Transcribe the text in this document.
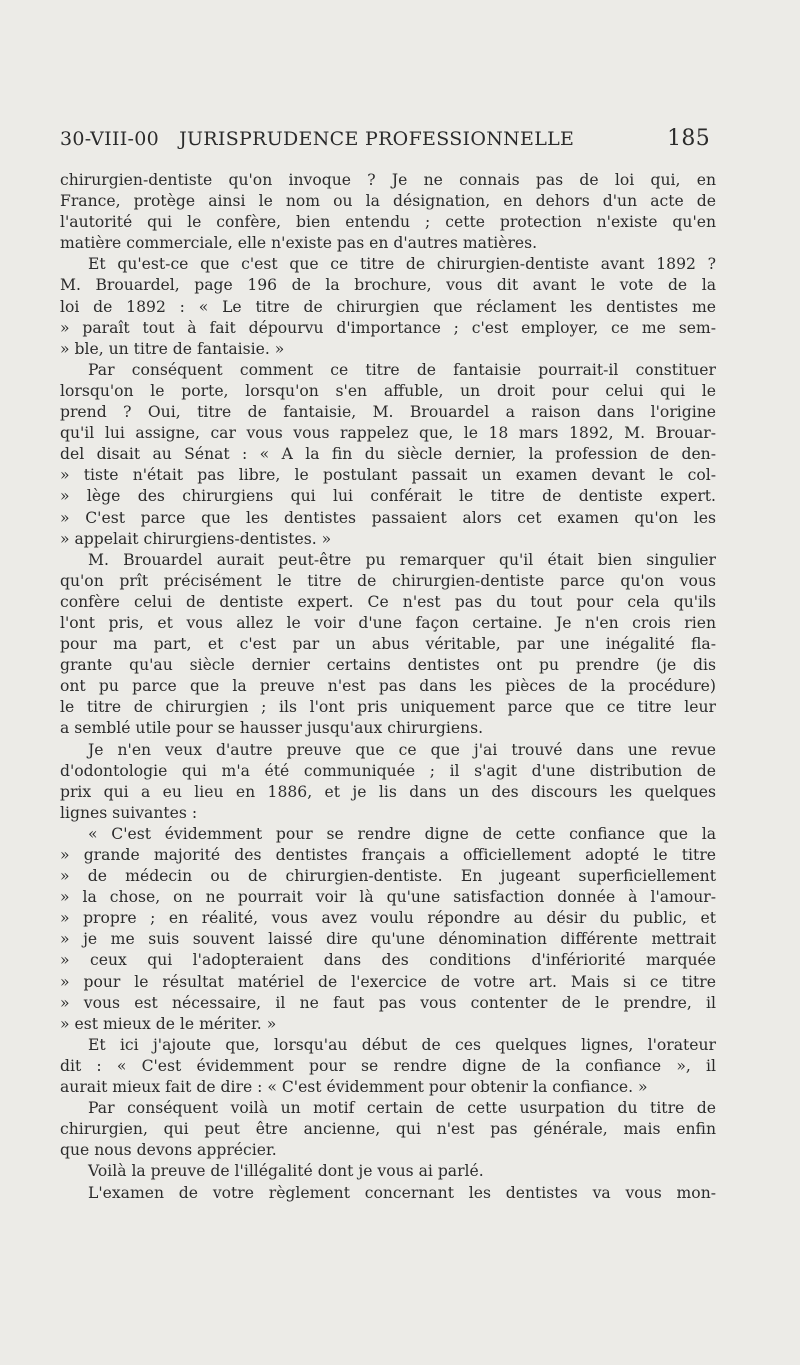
30-VIII-00 JURISPRUDENCE PROFESSIONNELLE	185

chirurgien-dentiste qu'on invoque ? Je ne connais pas de loi qui, en

France, protège ainsi le nom ou la désignation, en dehors d'un acte de

l'autorité qui le confère, bien entendu ; cette protection n'existe qu'en

matière commerciale, elle n'existe pas en d'autres matières.

Et qu'est-ce que c'est que ce titre de chirurgien-dentiste avant 1892 ?

M. Brouardel, page 196 de la brochure, vous dit avant le vote de la

loi de 1892 : « Le titre de chirurgien que réclament les dentistes me

» paraît tout à fait dépourvu d'importance ; c'est employer, ce me sem-

» ble, un titre de fantaisie. »

Par conséquent comment ce titre de fantaisie pourrait-il constituer

lorsqu'on le porte, lorsqu'on s'en affuble, un droit pour celui qui le

prend ? Oui, titre de fantaisie, M. Brouardel a raison dans l'origine

qu'il lui assigne, car vous vous rappelez que, le 18 mars 1892, M. Brouar-

del disait au Sénat : « A la fin du siècle dernier, la profession de den-

» tiste n'était pas libre, le postulant passait un examen devant le col-

» lège des chirurgiens qui lui conférait le titre de dentiste expert.

» C'est parce que les dentistes passaient alors cet examen qu'on les

» appelait chirurgiens-dentistes. »

M. Brouardel aurait peut-être pu remarquer qu'il était bien singulier

qu'on prît précisément le titre de chirurgien-dentiste parce qu'on vous

confère celui de dentiste expert. Ce n'est pas du tout pour cela qu'ils

l'ont pris, et vous allez le voir d'une façon certaine. Je n'en crois rien

pour ma part, et c'est par un abus véritable, par une inégalité fla-

grante qu'au siècle dernier certains dentistes ont pu prendre (je dis

ont pu parce que la preuve n'est pas dans les pièces de la procédure)

le titre de chirurgien ; ils l'ont pris uniquement parce que ce titre leur

a semblé utile pour se hausser jusqu'aux chirurgiens.

Je n'en veux d'autre preuve que ce que j'ai trouvé dans une revue

d'odontologie qui m'a été communiquée ; il s'agit d'une distribution de

prix qui a eu lieu en 1886, et je lis dans un des discours les quelques

lignes suivantes :

« C'est évidemment pour se rendre digne de cette confiance que la

» grande majorité des dentistes français a officiellement adopté le titre

» de médecin ou de chirurgien-dentiste. En jugeant superficiellement

» la chose, on ne pourrait voir là qu'une satisfaction donnée à l'amour-

» propre ; en réalité, vous avez voulu répondre au désir du public, et

» je me suis souvent laissé dire qu'une dénomination différente mettrait

» ceux qui l'adopteraient dans des conditions d'infériorité marquée

» pour le résultat matériel de l'exercice de votre art. Mais si ce titre

» vous est nécessaire, il ne faut pas vous contenter de le prendre, il

» est mieux de le mériter. »

Et ici j'ajoute que, lorsqu'au début de ces quelques lignes, l'orateur

dit : « C'est évidemment pour se rendre digne de la confiance », il

aurait mieux fait de dire : « C'est évidemment pour obtenir la confiance. »

Par conséquent voilà un motif certain de cette usurpation du titre de

chirurgien, qui peut être ancienne, qui n'est pas générale, mais enfin

que nous devons apprécier.

Voilà la preuve de l'illégalité dont je vous ai parlé.

L'examen de votre règlement concernant les dentistes va vous mon-
